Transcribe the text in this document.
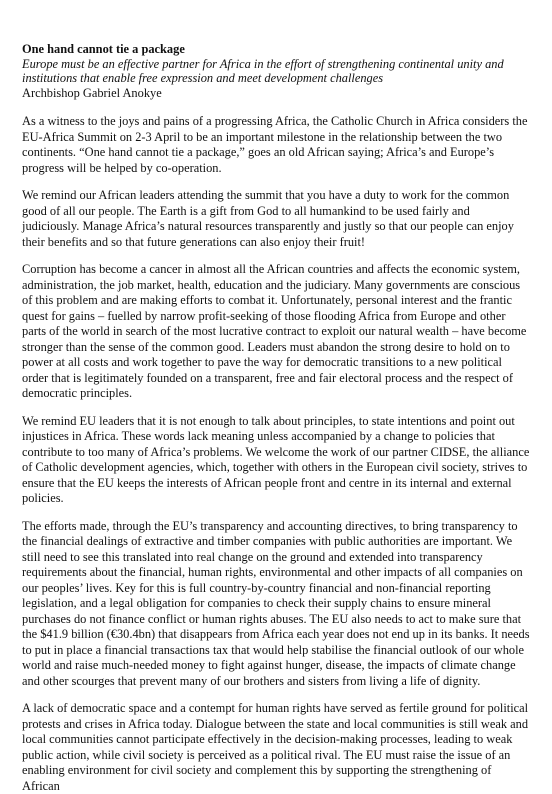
One hand cannot tie a package
Europe must be an effective partner for Africa in the effort of strengthening continental unity and institutions that enable free expression and meet development challenges
Archbishop Gabriel Anokye

As a witness to the joys and pains of a progressing Africa, the Catholic Church in Africa considers the EU-Africa Summit on 2-3 April to be an important milestone in the relationship between the two continents. “One hand cannot tie a package,” goes an old African saying; Africa’s and Europe’s progress will be helped by co-operation.

We remind our African leaders attending the summit that you have a duty to work for the common good of all our people. The Earth is a gift from God to all humankind to be used fairly and judiciously. Manage Africa’s natural resources transparently and justly so that our people can enjoy their benefits and so that future generations can also enjoy their fruit!

Corruption has become a cancer in almost all the African countries and affects the economic system, administration, the job market, health, education and the judiciary. Many governments are conscious of this problem and are making efforts to combat it. Unfortunately, personal interest and the frantic quest for gains – fuelled by narrow profit-seeking of those flooding Africa from Europe and other parts of the world in search of the most lucrative contract to exploit our natural wealth – have become stronger than the sense of the common good. Leaders must abandon the strong desire to hold on to power at all costs and work together to pave the way for democratic transitions to a new political order that is legitimately founded on a transparent, free and fair electoral process and the respect of democratic principles.

We remind EU leaders that it is not enough to talk about principles, to state intentions and point out injustices in Africa. These words lack meaning unless accompanied by a change to policies that contribute to too many of Africa’s problems. We welcome the work of our partner CIDSE, the alliance of Catholic development agencies, which, together with others in the European civil society, strives to ensure that the EU keeps the interests of African people front and centre in its internal and external policies.

The efforts made, through the EU’s transparency and accounting directives, to bring transparency to the financial dealings of extractive and timber companies with public authorities are important. We still need to see this translated into real change on the ground and extended into transparency requirements about the financial, human rights, environmental and other impacts of all companies on our peoples’ lives. Key for this is full country-by-country financial and non-financial reporting legislation, and a legal obligation for companies to check their supply chains to ensure mineral purchases do not finance conflict or human rights abuses. The EU also needs to act to make sure that the $41.9 billion (€30.4bn) that disappears from Africa each year does not end up in its banks. It needs to put in place a financial transactions tax that would help stabilise the financial outlook of our whole world and raise much-needed money to fight against hunger, disease, the impacts of climate change and other scourges that prevent many of our brothers and sisters from living a life of dignity.

A lack of democratic space and a contempt for human rights have served as fertile ground for political protests and crises in Africa today. Dialogue between the state and local communities is still weak and local communities cannot participate effectively in the decision-making processes, leading to weak public action, while civil society is perceived as a political rival. The EU must raise the issue of an enabling environment for civil society and complement this by supporting the strengthening of African
